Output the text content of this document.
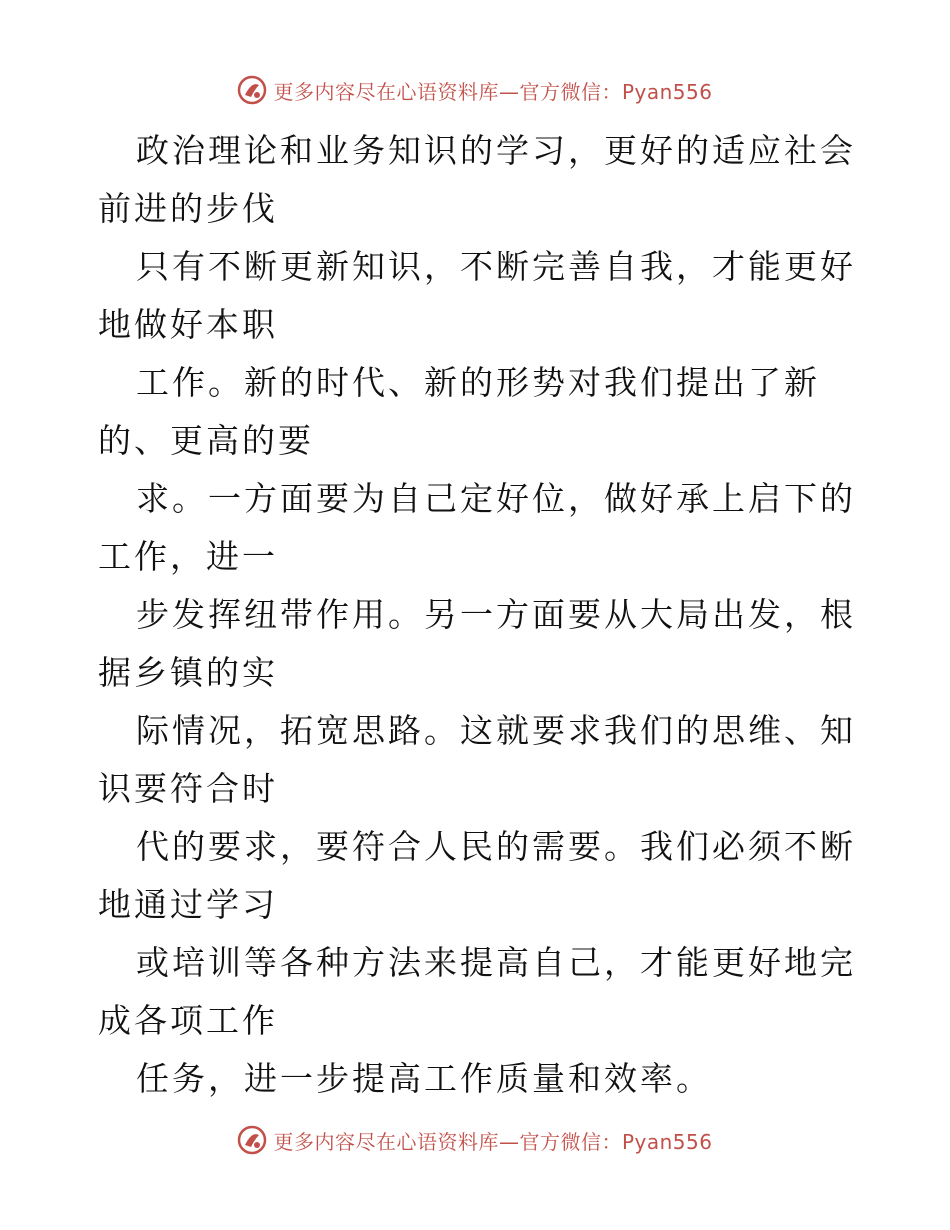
更多内容尽在心语资料库—官方微信：Pyan556

政治理论和业务知识的学习，更好的适应社会前进的步伐

只有不断更新知识，不断完善自我，才能更好地做好本职

工作。新的时代、新的形势对我们提出了新的、更高的要

求。一方面要为自己定好位，做好承上启下的工作，进一

步发挥纽带作用。另一方面要从大局出发，根据乡镇的实

际情况，拓宽思路。这就要求我们的思维、知识要符合时

代的要求，要符合人民的需要。我们必须不断地通过学习

或培训等各种方法来提高自己，才能更好地完成各项工作

任务，进一步提高工作质量和效率。

更多内容尽在心语资料库—官方微信：Pyan556
